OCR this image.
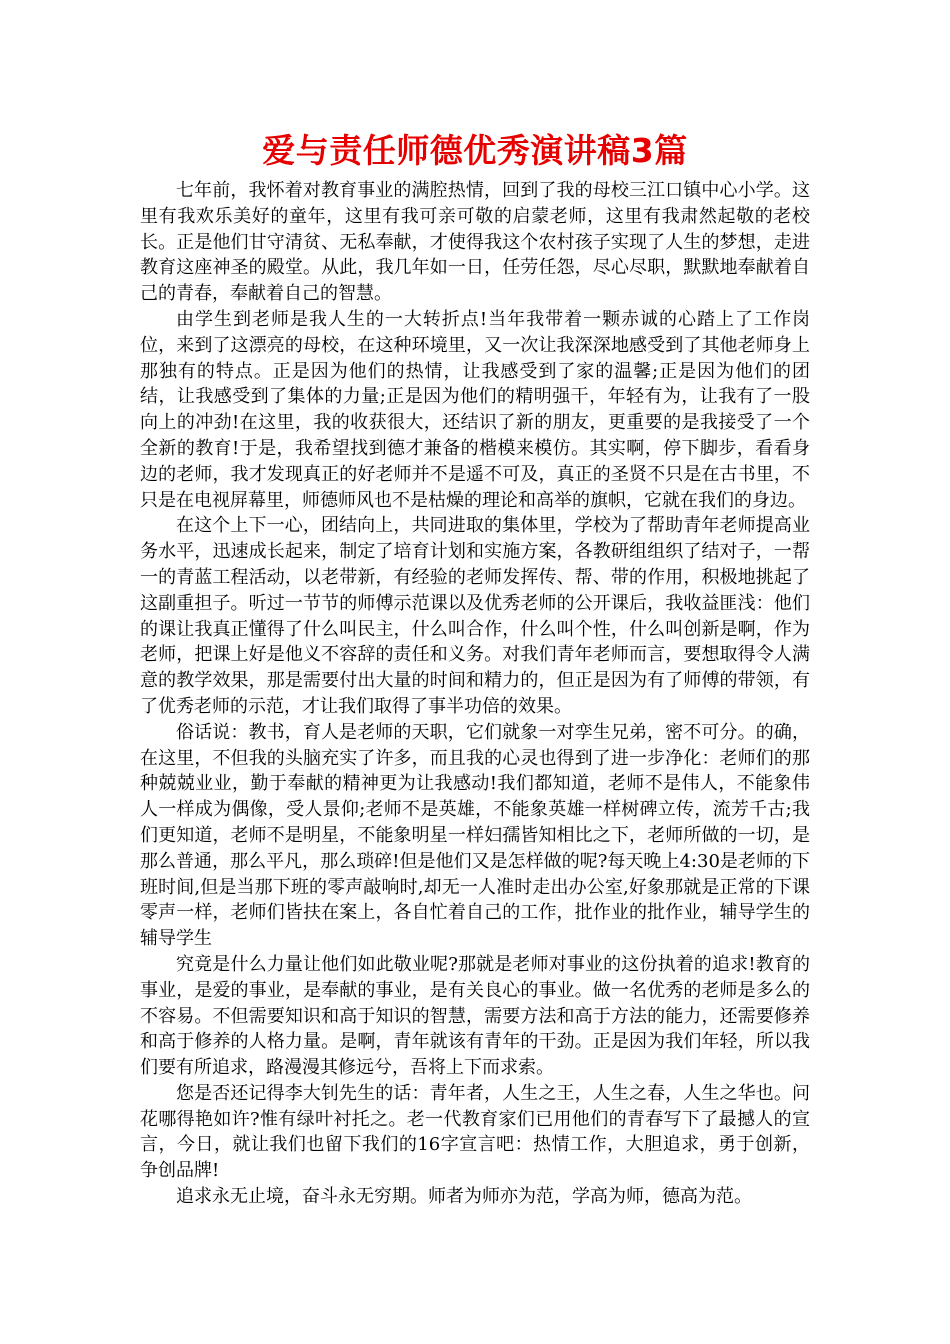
爱与责任师德优秀演讲稿3篇

七年前，我怀着对教育事业的满腔热情，回到了我的母校三江口镇中心小学。这里有我欢乐美好的童年，这里有我可亲可敬的启蒙老师，这里有我肃然起敬的老校长。正是他们甘守清贫、无私奉献，才使得我这个农村孩子实现了人生的梦想，走进教育这座神圣的殿堂。从此，我几年如一日，任劳任怨，尽心尽职，默默地奉献着自己的青春，奉献着自己的智慧。

由学生到老师是我人生的一大转折点!当年我带着一颗赤诚的心踏上了工作岗位，来到了这漂亮的母校，在这种环境里，又一次让我深深地感受到了其他老师身上那独有的特点。正是因为他们的热情，让我感受到了家的温馨;正是因为他们的团结，让我感受到了集体的力量;正是因为他们的精明强干，年轻有为，让我有了一股向上的冲劲!在这里，我的收获很大，还结识了新的朋友，更重要的是我接受了一个全新的教育!于是，我希望找到德才兼备的楷模来模仿。其实啊，停下脚步，看看身边的老师，我才发现真正的好老师并不是遥不可及，真正的圣贤不只是在古书里，不只是在电视屏幕里，师德师风也不是枯燥的理论和高举的旗帜，它就在我们的身边。

在这个上下一心，团结向上，共同进取的集体里，学校为了帮助青年老师提高业务水平，迅速成长起来，制定了培育计划和实施方案，各教研组组织了结对子，一帮一的青蓝工程活动，以老带新，有经验的老师发挥传、帮、带的作用，积极地挑起了这副重担子。听过一节节的师傅示范课以及优秀老师的公开课后，我收益匪浅：他们的课让我真正懂得了什么叫民主，什么叫合作，什么叫个性，什么叫创新是啊，作为老师，把课上好是他义不容辞的责任和义务。对我们青年老师而言，要想取得令人满意的教学效果，那是需要付出大量的时间和精力的，但正是因为有了师傅的带领，有了优秀老师的示范，才让我们取得了事半功倍的效果。

俗话说：教书，育人是老师的天职，它们就象一对孪生兄弟，密不可分。的确，在这里，不但我的头脑充实了许多，而且我的心灵也得到了进一步净化：老师们的那种兢兢业业，勤于奉献的精神更为让我感动!我们都知道，老师不是伟人，不能象伟人一样成为偶像，受人景仰;老师不是英雄，不能象英雄一样树碑立传，流芳千古;我们更知道，老师不是明星，不能象明星一样妇孺皆知相比之下，老师所做的一切，是那么普通，那么平凡，那么琐碎!但是他们又是怎样做的呢?每天晚上4:30是老师的下班时间,但是当那下班的零声敲响时,却无一人准时走出办公室,好象那就是正常的下课零声一样，老师们皆扶在案上，各自忙着自己的工作，批作业的批作业，辅导学生的辅导学生

究竟是什么力量让他们如此敬业呢?那就是老师对事业的这份执着的追求!教育的事业，是爱的事业，是奉献的事业，是有关良心的事业。做一名优秀的老师是多么的不容易。不但需要知识和高于知识的智慧，需要方法和高于方法的能力，还需要修养和高于修养的人格力量。是啊，青年就该有青年的干劲。正是因为我们年轻，所以我们要有所追求，路漫漫其修远兮，吾将上下而求索。

您是否还记得李大钊先生的话：青年者，人生之王，人生之春，人生之华也。问花哪得艳如许?惟有绿叶衬托之。老一代教育家们已用他们的青春写下了最撼人的宣言，今日，就让我们也留下我们的16字宣言吧：热情工作，大胆追求，勇于创新，争创品牌!

追求永无止境，奋斗永无穷期。师者为师亦为范，学高为师，德高为范。
